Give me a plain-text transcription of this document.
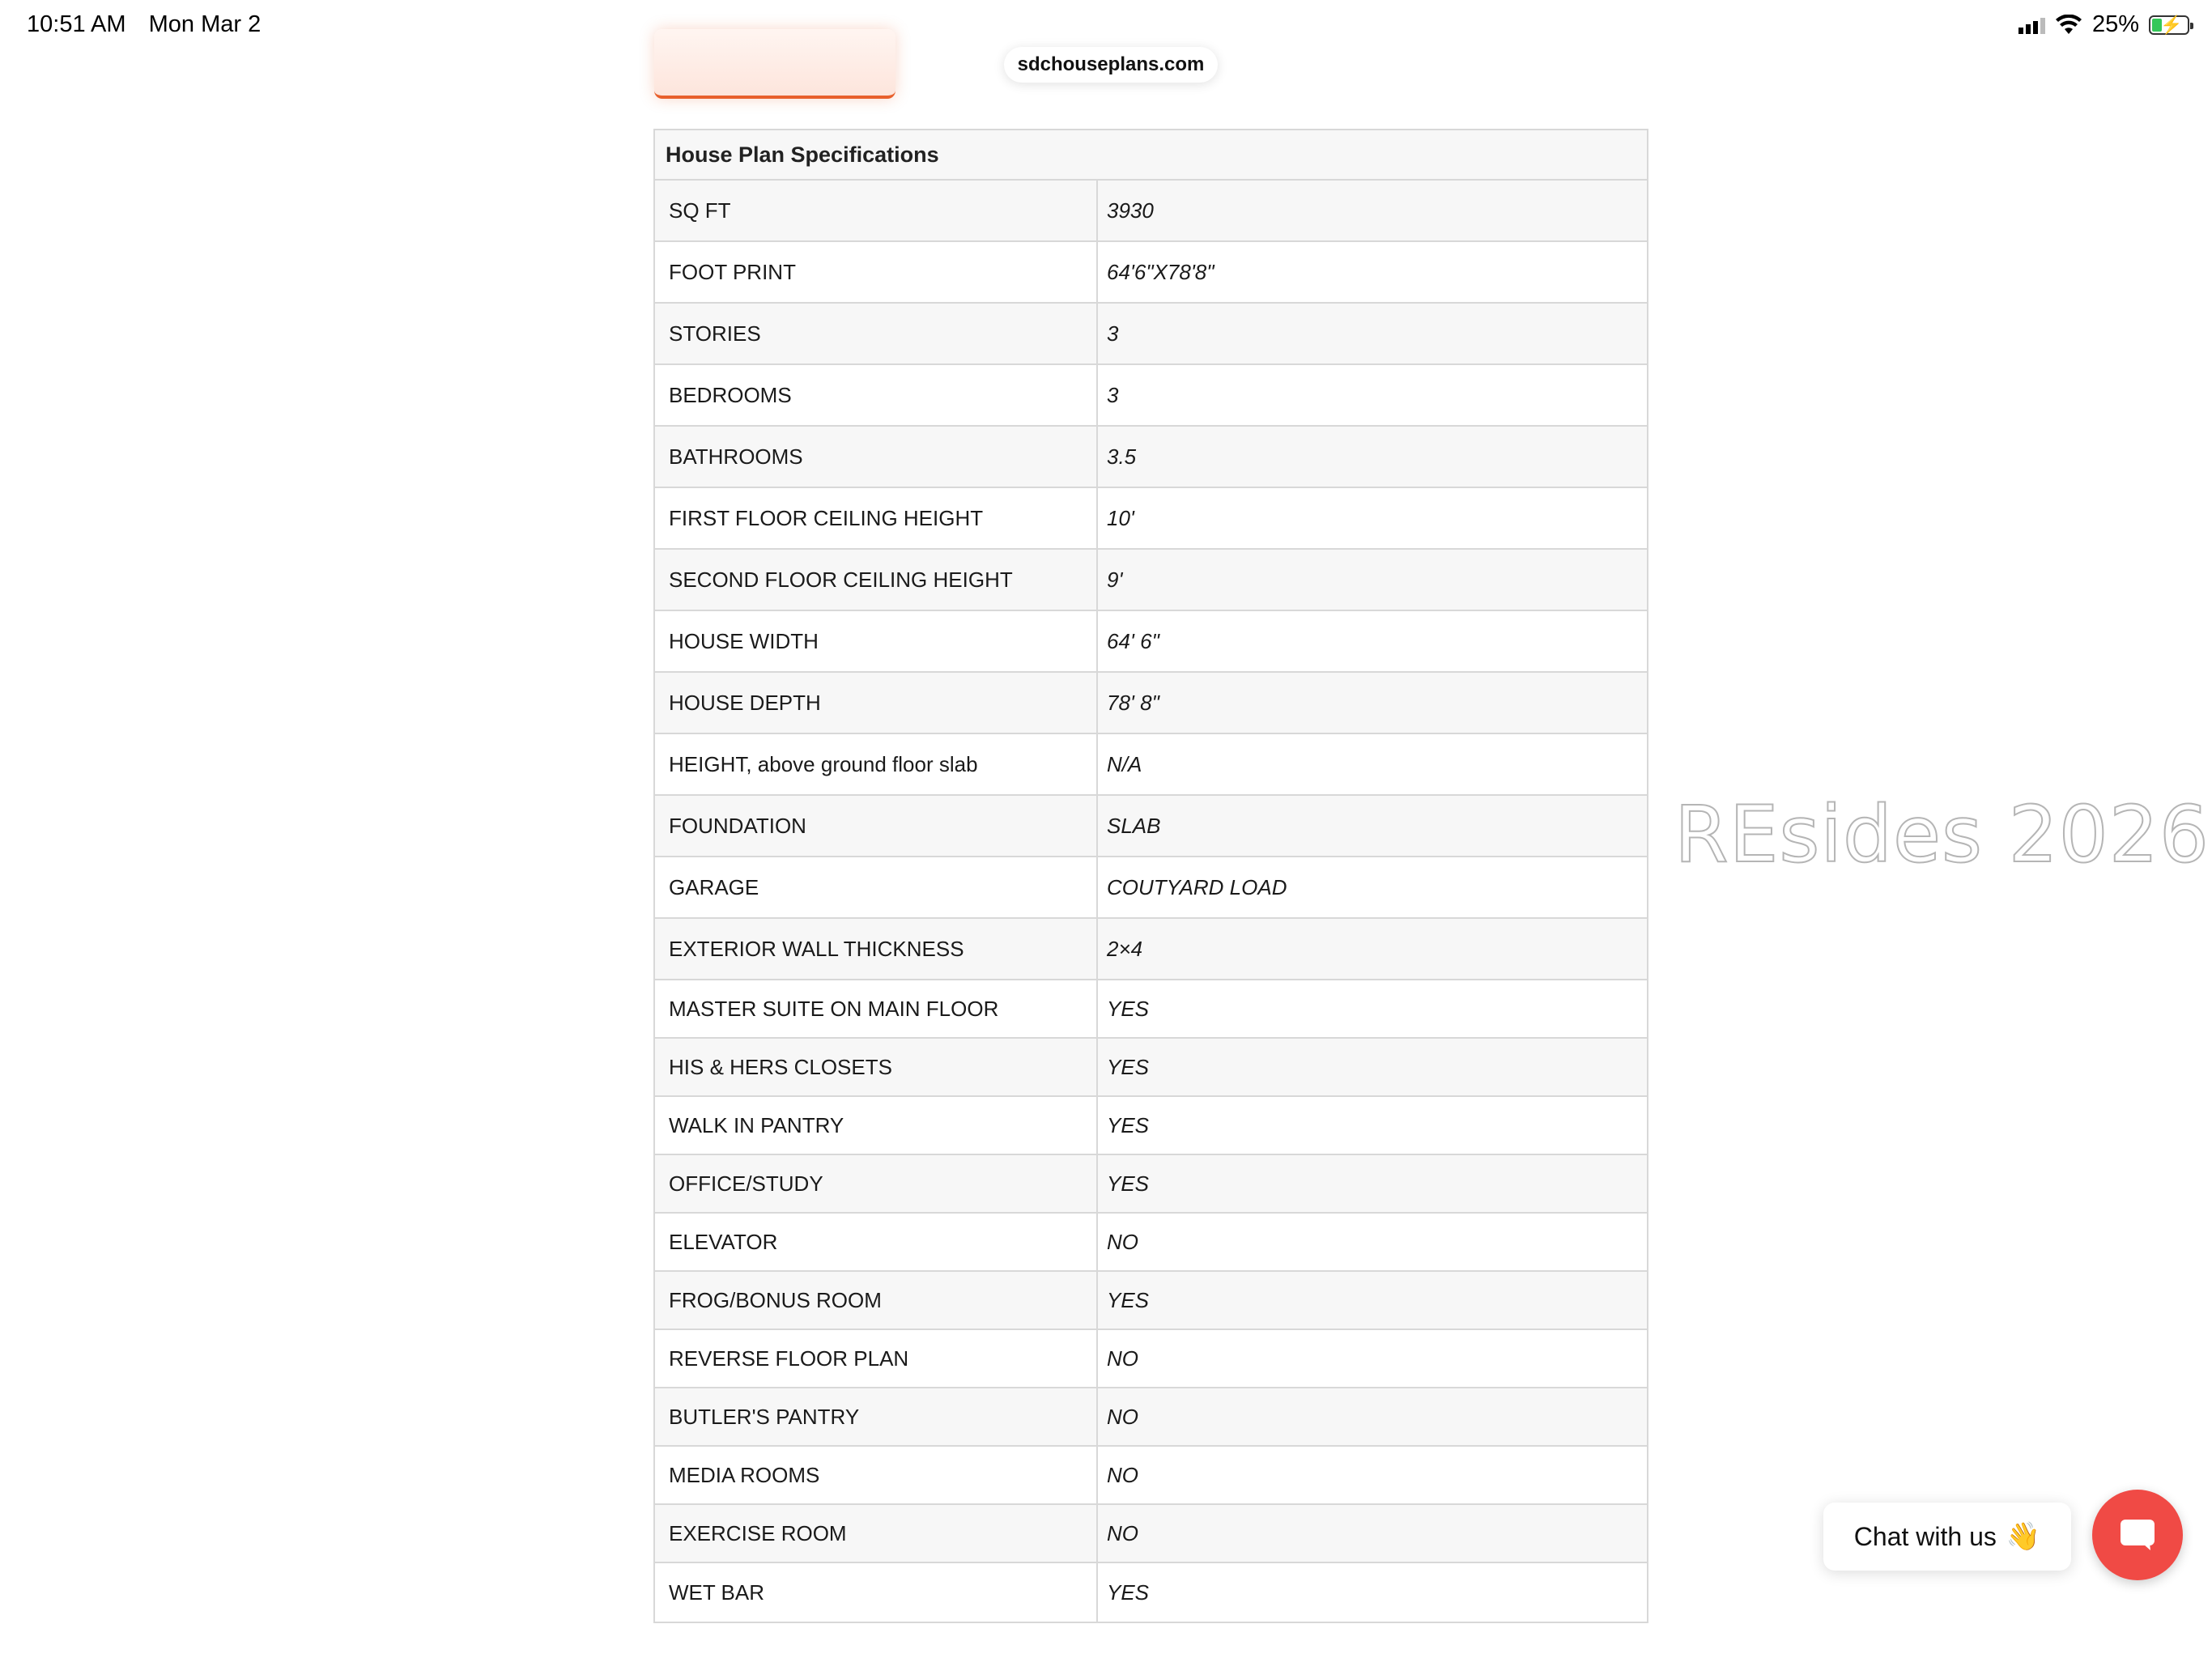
10:51 AM Mon Mar 2	25% ⚡
sdchouseplans.com
House Plan Specifications
SQ FT	3930
FOOT PRINT	64'6"X78'8"
STORIES	3
BEDROOMS	3
BATHROOMS	3.5
FIRST FLOOR CEILING HEIGHT	10'
SECOND FLOOR CEILING HEIGHT	9'
HOUSE WIDTH	64' 6"
HOUSE DEPTH	78' 8"
HEIGHT, above ground floor slab	N/A
FOUNDATION	SLAB
GARAGE	COUTYARD LOAD
EXTERIOR WALL THICKNESS	2×4
MASTER SUITE ON MAIN FLOOR	YES
HIS & HERS CLOSETS	YES
WALK IN PANTRY	YES
OFFICE/STUDY	YES
ELEVATOR	NO
FROG/BONUS ROOM	YES
REVERSE FLOOR PLAN	NO
BUTLER'S PANTRY	NO
MEDIA ROOMS	NO
EXERCISE ROOM	NO
WET BAR	YES
REsides 2026
Chat with us 👋
